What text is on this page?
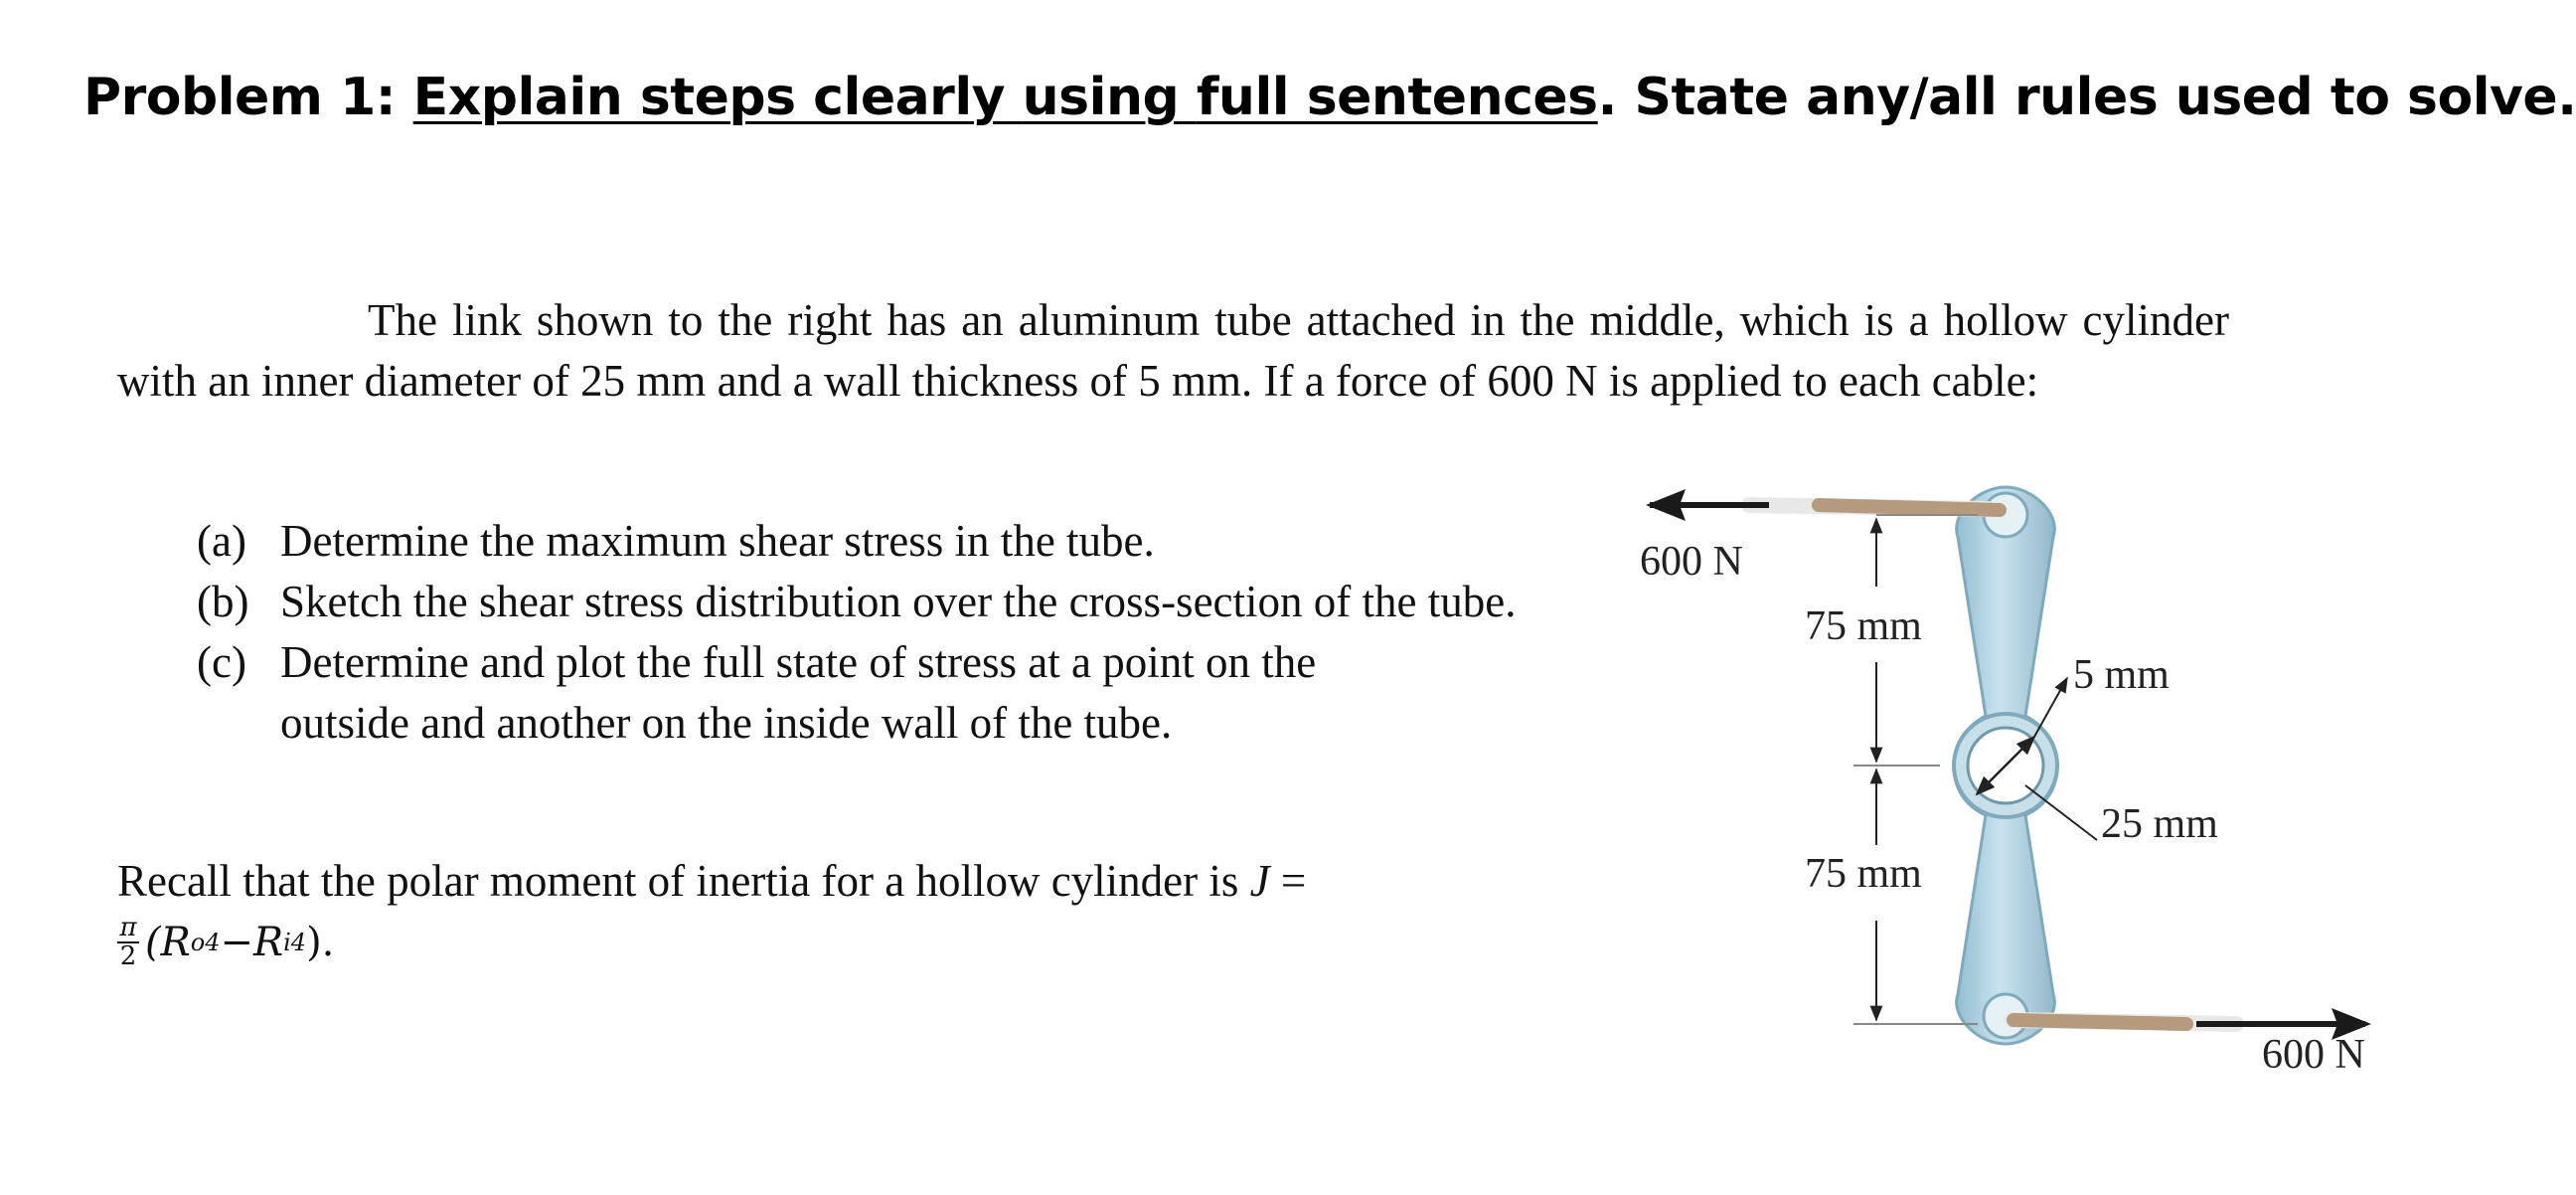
Problem 1: Explain steps clearly using full sentences. State any/all rules used to solve.

The link shown to the right has an aluminum tube attached in the middle, which is a hollow cylinder with an inner diameter of 25 mm and a wall thickness of 5 mm. If a force of 600 N is applied to each cable:

(a) Determine the maximum shear stress in the tube.
(b) Sketch the shear stress distribution over the cross-section of the tube.
(c) Determine and plot the full state of stress at a point on the outside and another on the inside wall of the tube.

Recall that the polar moment of inertia for a hollow cylinder is J =

$\frac{\pi}{2}$ ( R o 4 − R i 4 ).
600 N
75 mm
5 mm
25 mm
75 mm
600 N
